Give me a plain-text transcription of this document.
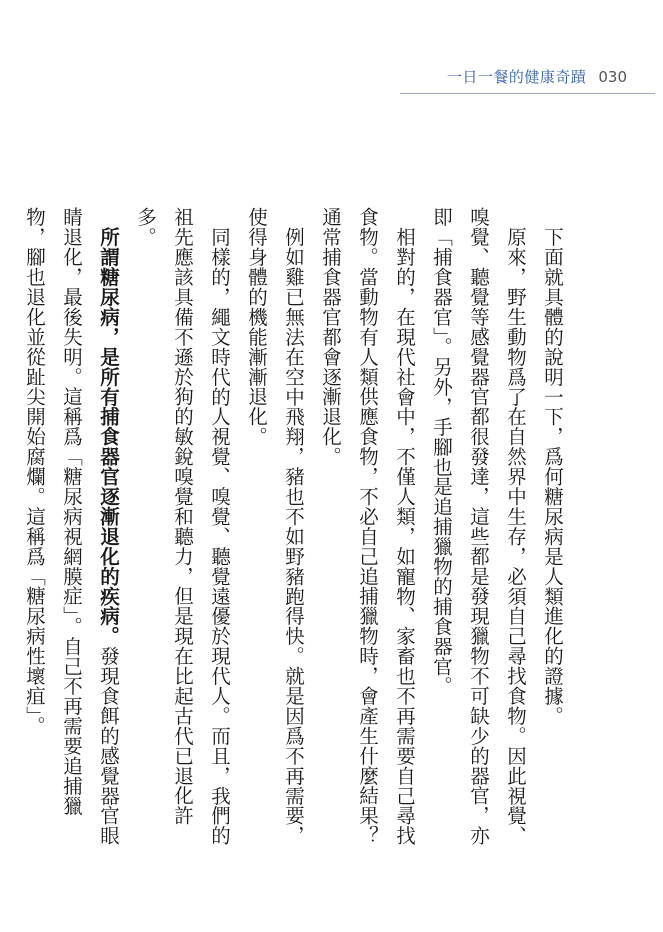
一日一餐的健康奇蹟 030

下面就具體的說明一下，爲何糖尿病是人類進化的證據。

原來，野生動物爲了在自然界中生存，必須自己尋找食物。因此視覺、嗅覺、聽覺等感覺器官都很發達，這些都是發現獵物不可缺少的器官，亦即「捕食器官」。另外，手腳也是追捕獵物的捕食器官。

相對的，在現代社會中，不僅人類，如寵物、家畜也不再需要自己尋找食物。當動物有人類供應食物，不必自己追捕獵物時，會產生什麼結果？通常捕食器官都會逐漸退化。

例如雞已無法在空中飛翔，豬也不如野豬跑得快。就是因爲不再需要，使得身體的機能漸漸退化。

同樣的，繩文時代的人視覺、嗅覺、聽覺遠優於現代人。而且，我們的祖先應該具備不遜於狗的敏銳嗅覺和聽力，但是現在比起古代已退化許多。

所謂糖尿病，是所有捕食器官逐漸退化的疾病。發現食餌的感覺器官眼睛退化，最後失明。這稱爲「糖尿病視網膜症」。自己不再需要追捕獵物，腳也退化並從趾尖開始腐爛。這稱爲「糖尿病性壞疽」。
